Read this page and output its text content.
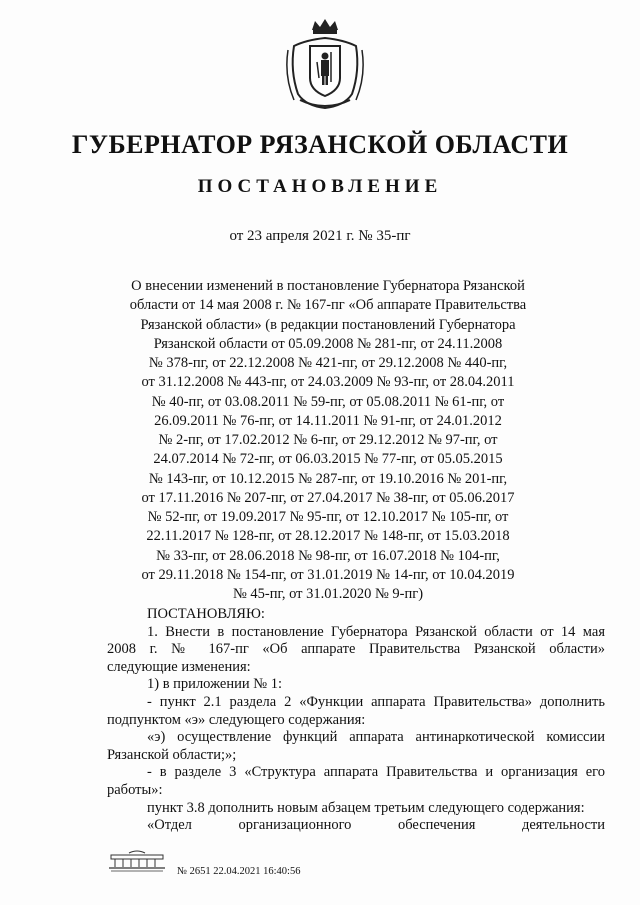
ГУБЕРНАТОР РЯЗАНСКОЙ ОБЛАСТИ
ПОСТАНОВЛЕНИЕ
от 23 апреля 2021 г. № 35-пг
О внесении изменений в постановление Губернатора Рязанской
области от 14 мая 2008 г. № 167-пг «Об аппарате Правительства
Рязанской области» (в редакции постановлений Губернатора
Рязанской области от 05.09.2008 № 281-пг, от 24.11.2008
№ 378-пг, от 22.12.2008 № 421-пг, от 29.12.2008 № 440-пг,
от 31.12.2008 № 443-пг, от 24.03.2009 № 93-пг, от 28.04.2011
№ 40-пг, от 03.08.2011 № 59-пг, от 05.08.2011 № 61-пг, от
26.09.2011 № 76-пг, от 14.11.2011 № 91-пг, от 24.01.2012
№ 2-пг, от 17.02.2012 № 6-пг, от 29.12.2012 № 97-пг, от
24.07.2014 № 72-пг, от 06.03.2015 № 77-пг, от 05.05.2015
№ 143-пг, от 10.12.2015 № 287-пг, от 19.10.2016 № 201-пг,
от 17.11.2016 № 207-пг, от 27.04.2017 № 38-пг, от 05.06.2017
№ 52-пг, от 19.09.2017 № 95-пг, от 12.10.2017 № 105-пг, от
22.11.2017 № 128-пг, от 28.12.2017 № 148-пг, от 15.03.2018
№ 33-пг, от 28.06.2018 № 98-пг, от 16.07.2018 № 104-пг,
от 29.11.2018 № 154-пг, от 31.01.2019 № 14-пг, от 10.04.2019
№ 45-пг, от 31.01.2020 № 9-пг)
ПОСТАНОВЛЯЮ:
1. Внести в постановление Губернатора Рязанской области от 14 мая
2008 г. № 167-пг «Об аппарате Правительства Рязанской области»
следующие изменения:
1) в приложении № 1:
- пункт 2.1 раздела 2 «Функции аппарата Правительства» дополнить
подпунктом «э» следующего содержания:
«э) осуществление функций аппарата антинаркотической комиссии
Рязанской области;»;
- в разделе 3 «Структура аппарата Правительства и организация его
работы»:
пункт 3.8 дополнить новым абзацем третьим следующего содержания:
«Отдел	организационного	обеспечения	деятельности
№ 2651 22.04.2021 16:40:56
